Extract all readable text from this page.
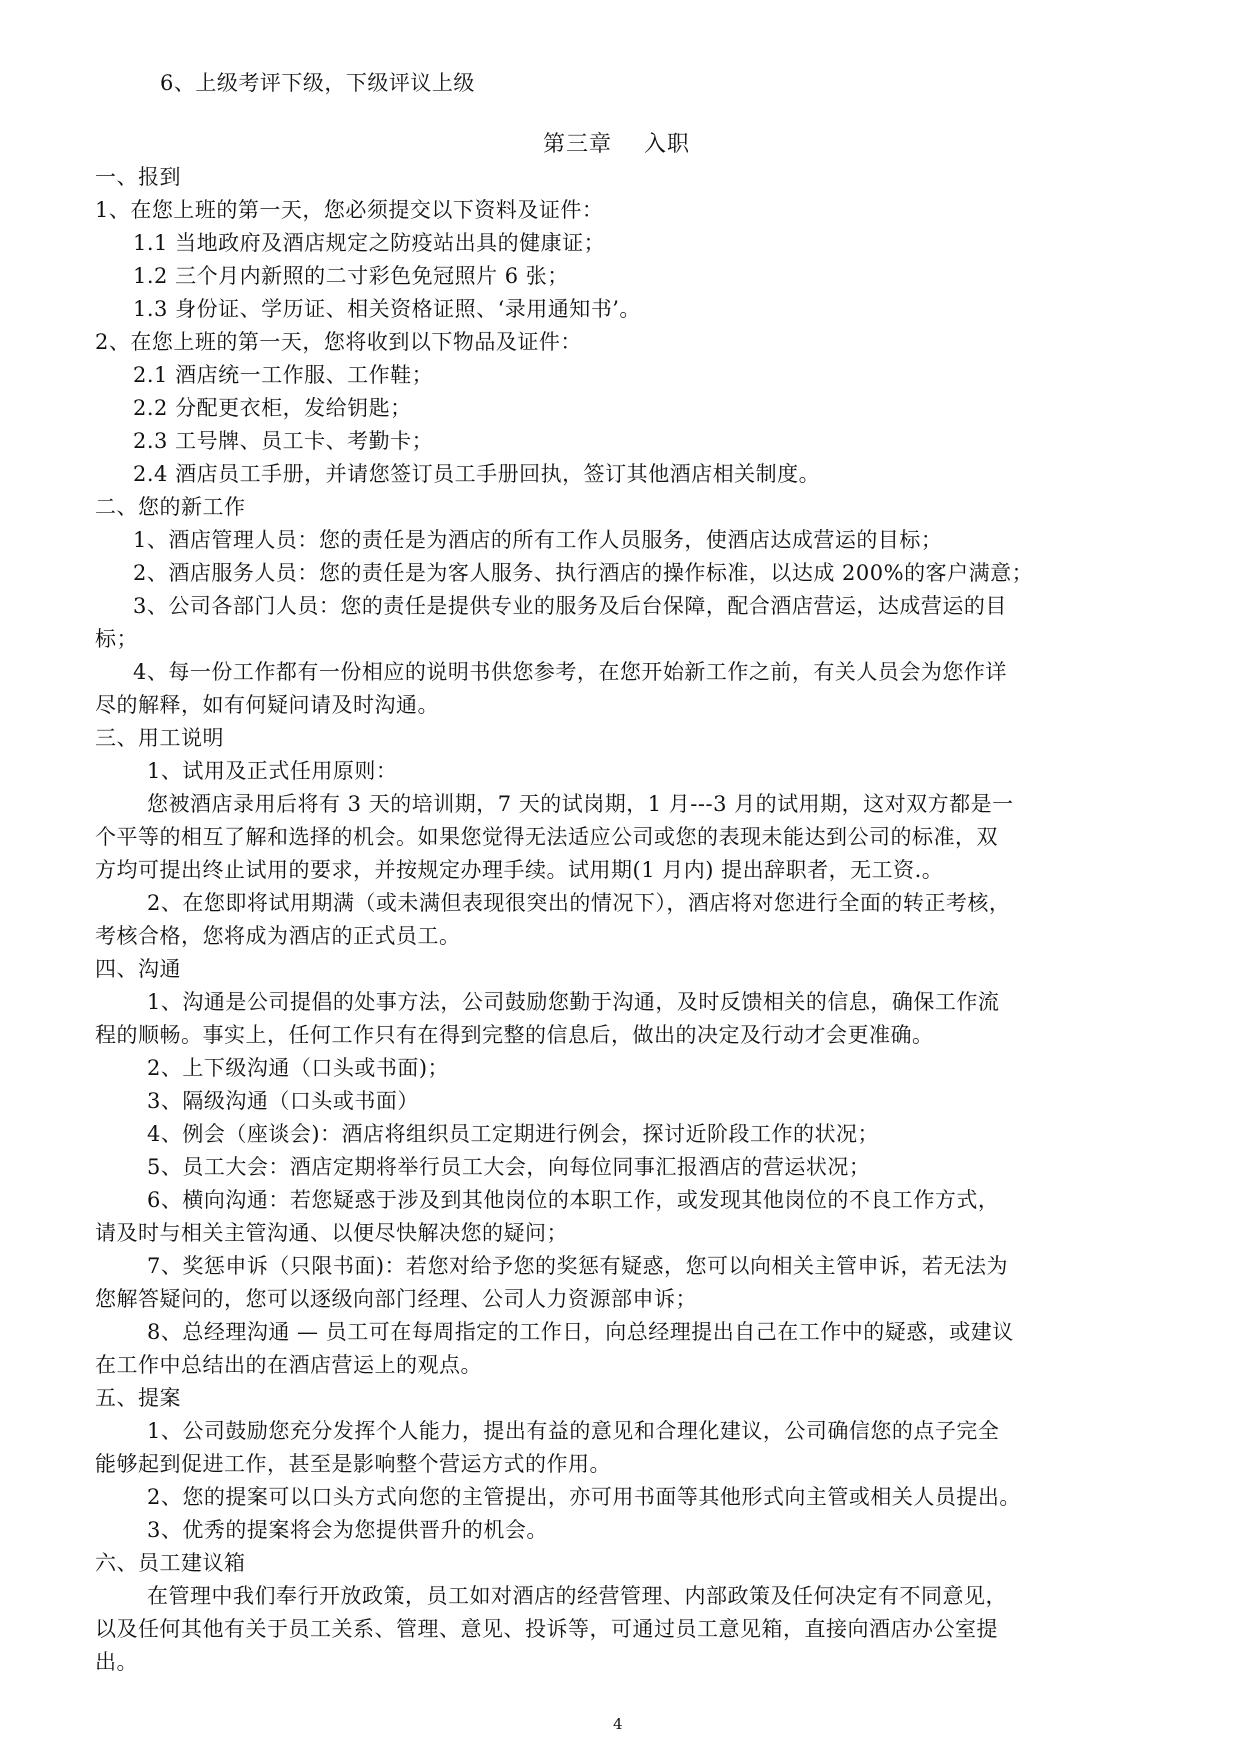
6、上级考评下级，下级评议上级
一、报到
1、在您上班的第一天，您必须提交以下资料及证件：
1.1 当地政府及酒店规定之防疫站出具的健康证；
1.2 三个月内新照的二寸彩色免冠照片 6 张；
1.3 身份证、学历证、相关资格证照、‘录用通知书’。
2、在您上班的第一天，您将收到以下物品及证件：
2.1 酒店统一工作服、工作鞋；
2.2 分配更衣柜，发给钥匙；
2.3 工号牌、员工卡、考勤卡；
2.4 酒店员工手册，并请您签订员工手册回执，签订其他酒店相关制度。
二、您的新工作
1、酒店管理人员：您的责任是为酒店的所有工作人员服务，使酒店达成营运的目标；
2、酒店服务人员：您的责任是为客人服务、执行酒店的操作标准，以达成 200%的客户满意；
3、公司各部门人员：您的责任是提供专业的服务及后台保障，配合酒店营运，达成营运的目
标；
4、每一份工作都有一份相应的说明书供您参考，在您开始新工作之前，有关人员会为您作详
尽的解释，如有何疑问请及时沟通。
三、用工说明
1、试用及正式任用原则：
您被酒店录用后将有 3 天的培训期，7 天的试岗期，1 月---3 月的试用期，这对双方都是一
个平等的相互了解和选择的机会。如果您觉得无法适应公司或您的表现未能达到公司的标准，双
方均可提出终止试用的要求，并按规定办理手续。试用期(1 月内) 提出辞职者，无工资.。
2、在您即将试用期满（或未满但表现很突出的情况下），酒店将对您进行全面的转正考核，
考核合格，您将成为酒店的正式员工。
四、沟通
1、沟通是公司提倡的处事方法，公司鼓励您勤于沟通，及时反馈相关的信息，确保工作流
程的顺畅。事实上，任何工作只有在得到完整的信息后，做出的决定及行动才会更准确。
2、上下级沟通（口头或书面)；
3、隔级沟通（口头或书面）
4、例会（座谈会)：酒店将组织员工定期进行例会，探讨近阶段工作的状况；
5、员工大会：酒店定期将举行员工大会，向每位同事汇报酒店的营运状况；
6、横向沟通：若您疑惑于涉及到其他岗位的本职工作，或发现其他岗位的不良工作方式，
请及时与相关主管沟通、以便尽快解决您的疑问；
7、奖惩申诉（只限书面)：若您对给予您的奖惩有疑惑，您可以向相关主管申诉，若无法为
您解答疑问的，您可以逐级向部门经理、公司人力资源部申诉；
8、总经理沟通 — 员工可在每周指定的工作日，向总经理提出自己在工作中的疑惑，或建议
在工作中总结出的在酒店营运上的观点。
五、提案
1、公司鼓励您充分发挥个人能力，提出有益的意见和合理化建议，公司确信您的点子完全
能够起到促进工作，甚至是影响整个营运方式的作用。
2、您的提案可以口头方式向您的主管提出，亦可用书面等其他形式向主管或相关人员提出。
3、优秀的提案将会为您提供晋升的机会。
六、员工建议箱
在管理中我们奉行开放政策，员工如对酒店的经营管理、内部政策及任何决定有不同意见，
以及任何其他有关于员工关系、管理、意见、投诉等，可通过员工意见箱，直接向酒店办公室提
出。
第三章    入职
4
